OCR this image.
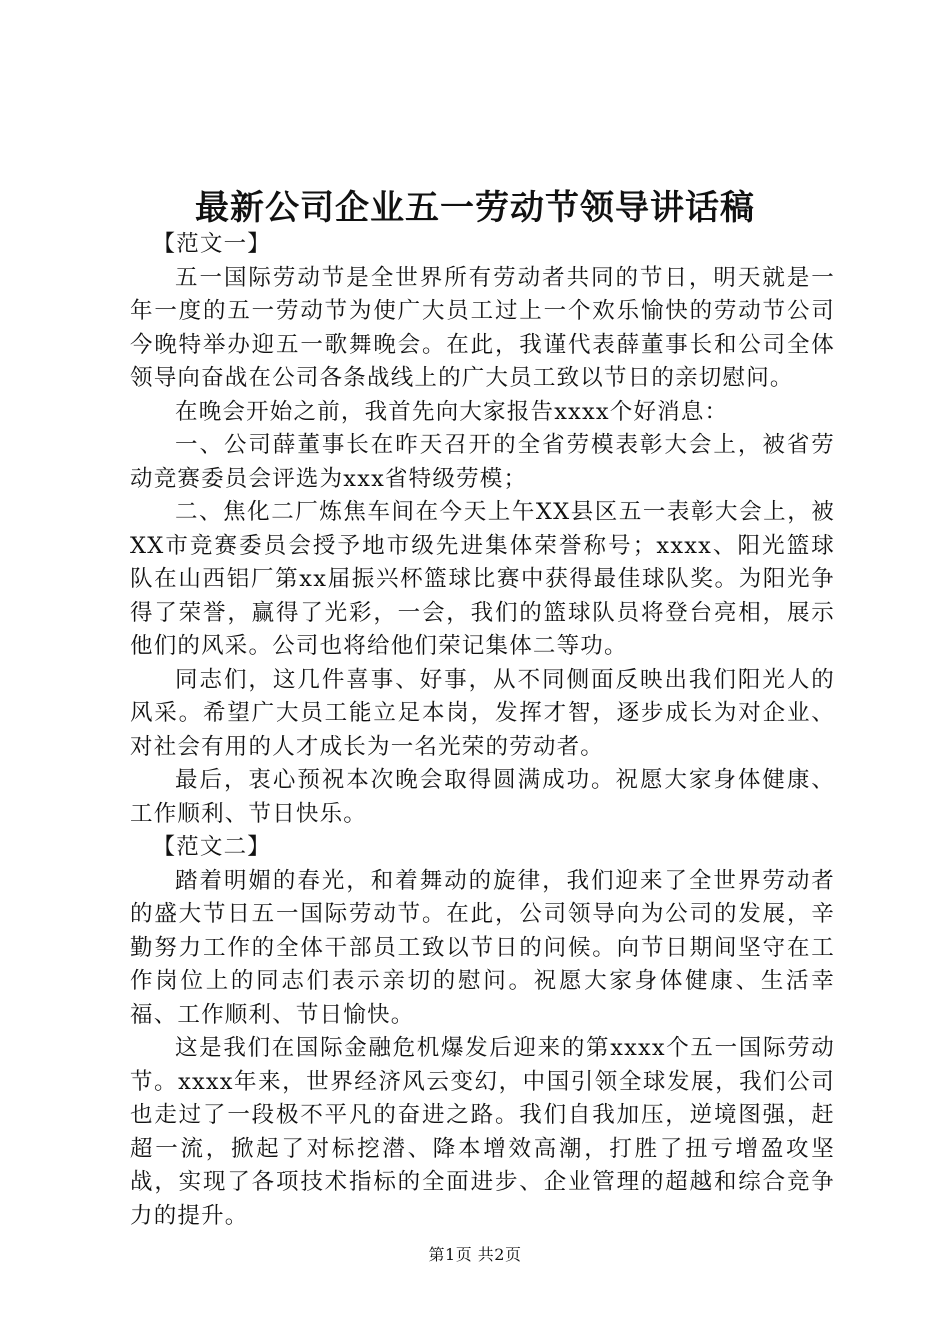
最新公司企业五一劳动节领导讲话稿

【范文一】

五一国际劳动节是全世界所有劳动者共同的节日，明天就是一年一度的五一劳动节为使广大员工过上一个欢乐愉快的劳动节公司今晚特举办迎五一歌舞晚会。在此，我谨代表薛董事长和公司全体领导向奋战在公司各条战线上的广大员工致以节日的亲切慰问。

在晚会开始之前，我首先向大家报告xxxx个好消息：

一、公司薛董事长在昨天召开的全省劳模表彰大会上，被省劳动竞赛委员会评选为xxx省特级劳模；

二、焦化二厂炼焦车间在今天上午XX县区五一表彰大会上，被XX市竞赛委员会授予地市级先进集体荣誉称号；xxxx、阳光篮球队在山西铝厂第xx届振兴杯篮球比赛中获得最佳球队奖。为阳光争得了荣誉，赢得了光彩，一会，我们的篮球队员将登台亮相，展示他们的风采。公司也将给他们荣记集体二等功。

同志们，这几件喜事、好事，从不同侧面反映出我们阳光人的风采。希望广大员工能立足本岗，发挥才智，逐步成长为对企业、对社会有用的人才成长为一名光荣的劳动者。

最后，衷心预祝本次晚会取得圆满成功。祝愿大家身体健康、工作顺利、节日快乐。

【范文二】

踏着明媚的春光，和着舞动的旋律，我们迎来了全世界劳动者的盛大节日五一国际劳动节。在此，公司领导向为公司的发展，辛勤努力工作的全体干部员工致以节日的问候。向节日期间坚守在工作岗位上的同志们表示亲切的慰问。祝愿大家身体健康、生活幸福、工作顺利、节日愉快。

这是我们在国际金融危机爆发后迎来的第xxxx个五一国际劳动节。xxxx年来，世界经济风云变幻，中国引领全球发展，我们公司也走过了一段极不平凡的奋进之路。我们自我加压，逆境图强，赶超一流，掀起了对标挖潜、降本增效高潮，打胜了扭亏增盈攻坚战，实现了各项技术指标的全面进步、企业管理的超越和综合竞争力的提升。

第1页 共2页
